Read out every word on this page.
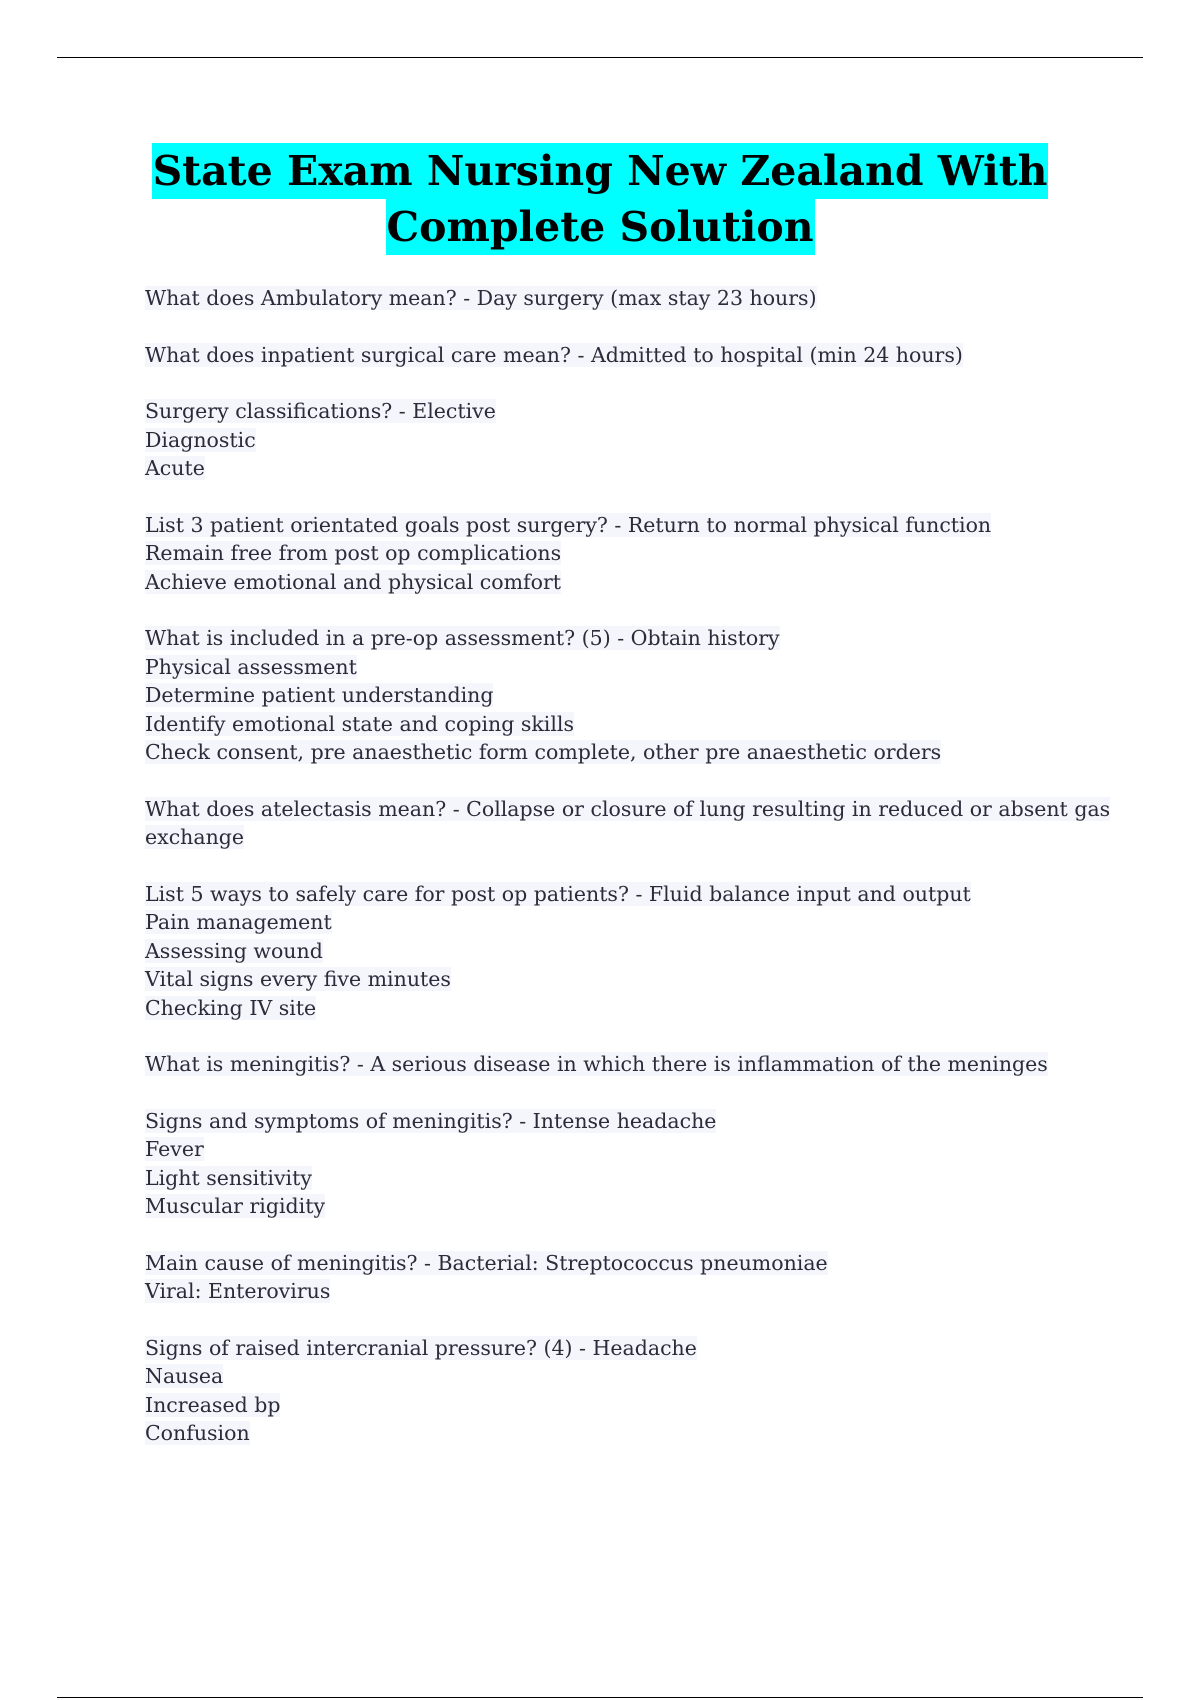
State Exam Nursing New Zealand With
Complete Solution
What does Ambulatory mean? - Day surgery (max stay 23 hours)
What does inpatient surgical care mean? - Admitted to hospital (min 24 hours)
Surgery classifications? - Elective
Diagnostic
Acute
List 3 patient orientated goals post surgery? - Return to normal physical function
Remain free from post op complications
Achieve emotional and physical comfort
What is included in a pre-op assessment? (5) - Obtain history
Physical assessment
Determine patient understanding
Identify emotional state and coping skills
Check consent, pre anaesthetic form complete, other pre anaesthetic orders
What does atelectasis mean? - Collapse or closure of lung resulting in reduced or absent gas
exchange
List 5 ways to safely care for post op patients? - Fluid balance input and output
Pain management
Assessing wound
Vital signs every five minutes
Checking IV site
What is meningitis? - A serious disease in which there is inflammation of the meninges
Signs and symptoms of meningitis? - Intense headache
Fever
Light sensitivity
Muscular rigidity
Main cause of meningitis? - Bacterial: Streptococcus pneumoniae
Viral: Enterovirus
Signs of raised intercranial pressure? (4) - Headache
Nausea
Increased bp
Confusion
